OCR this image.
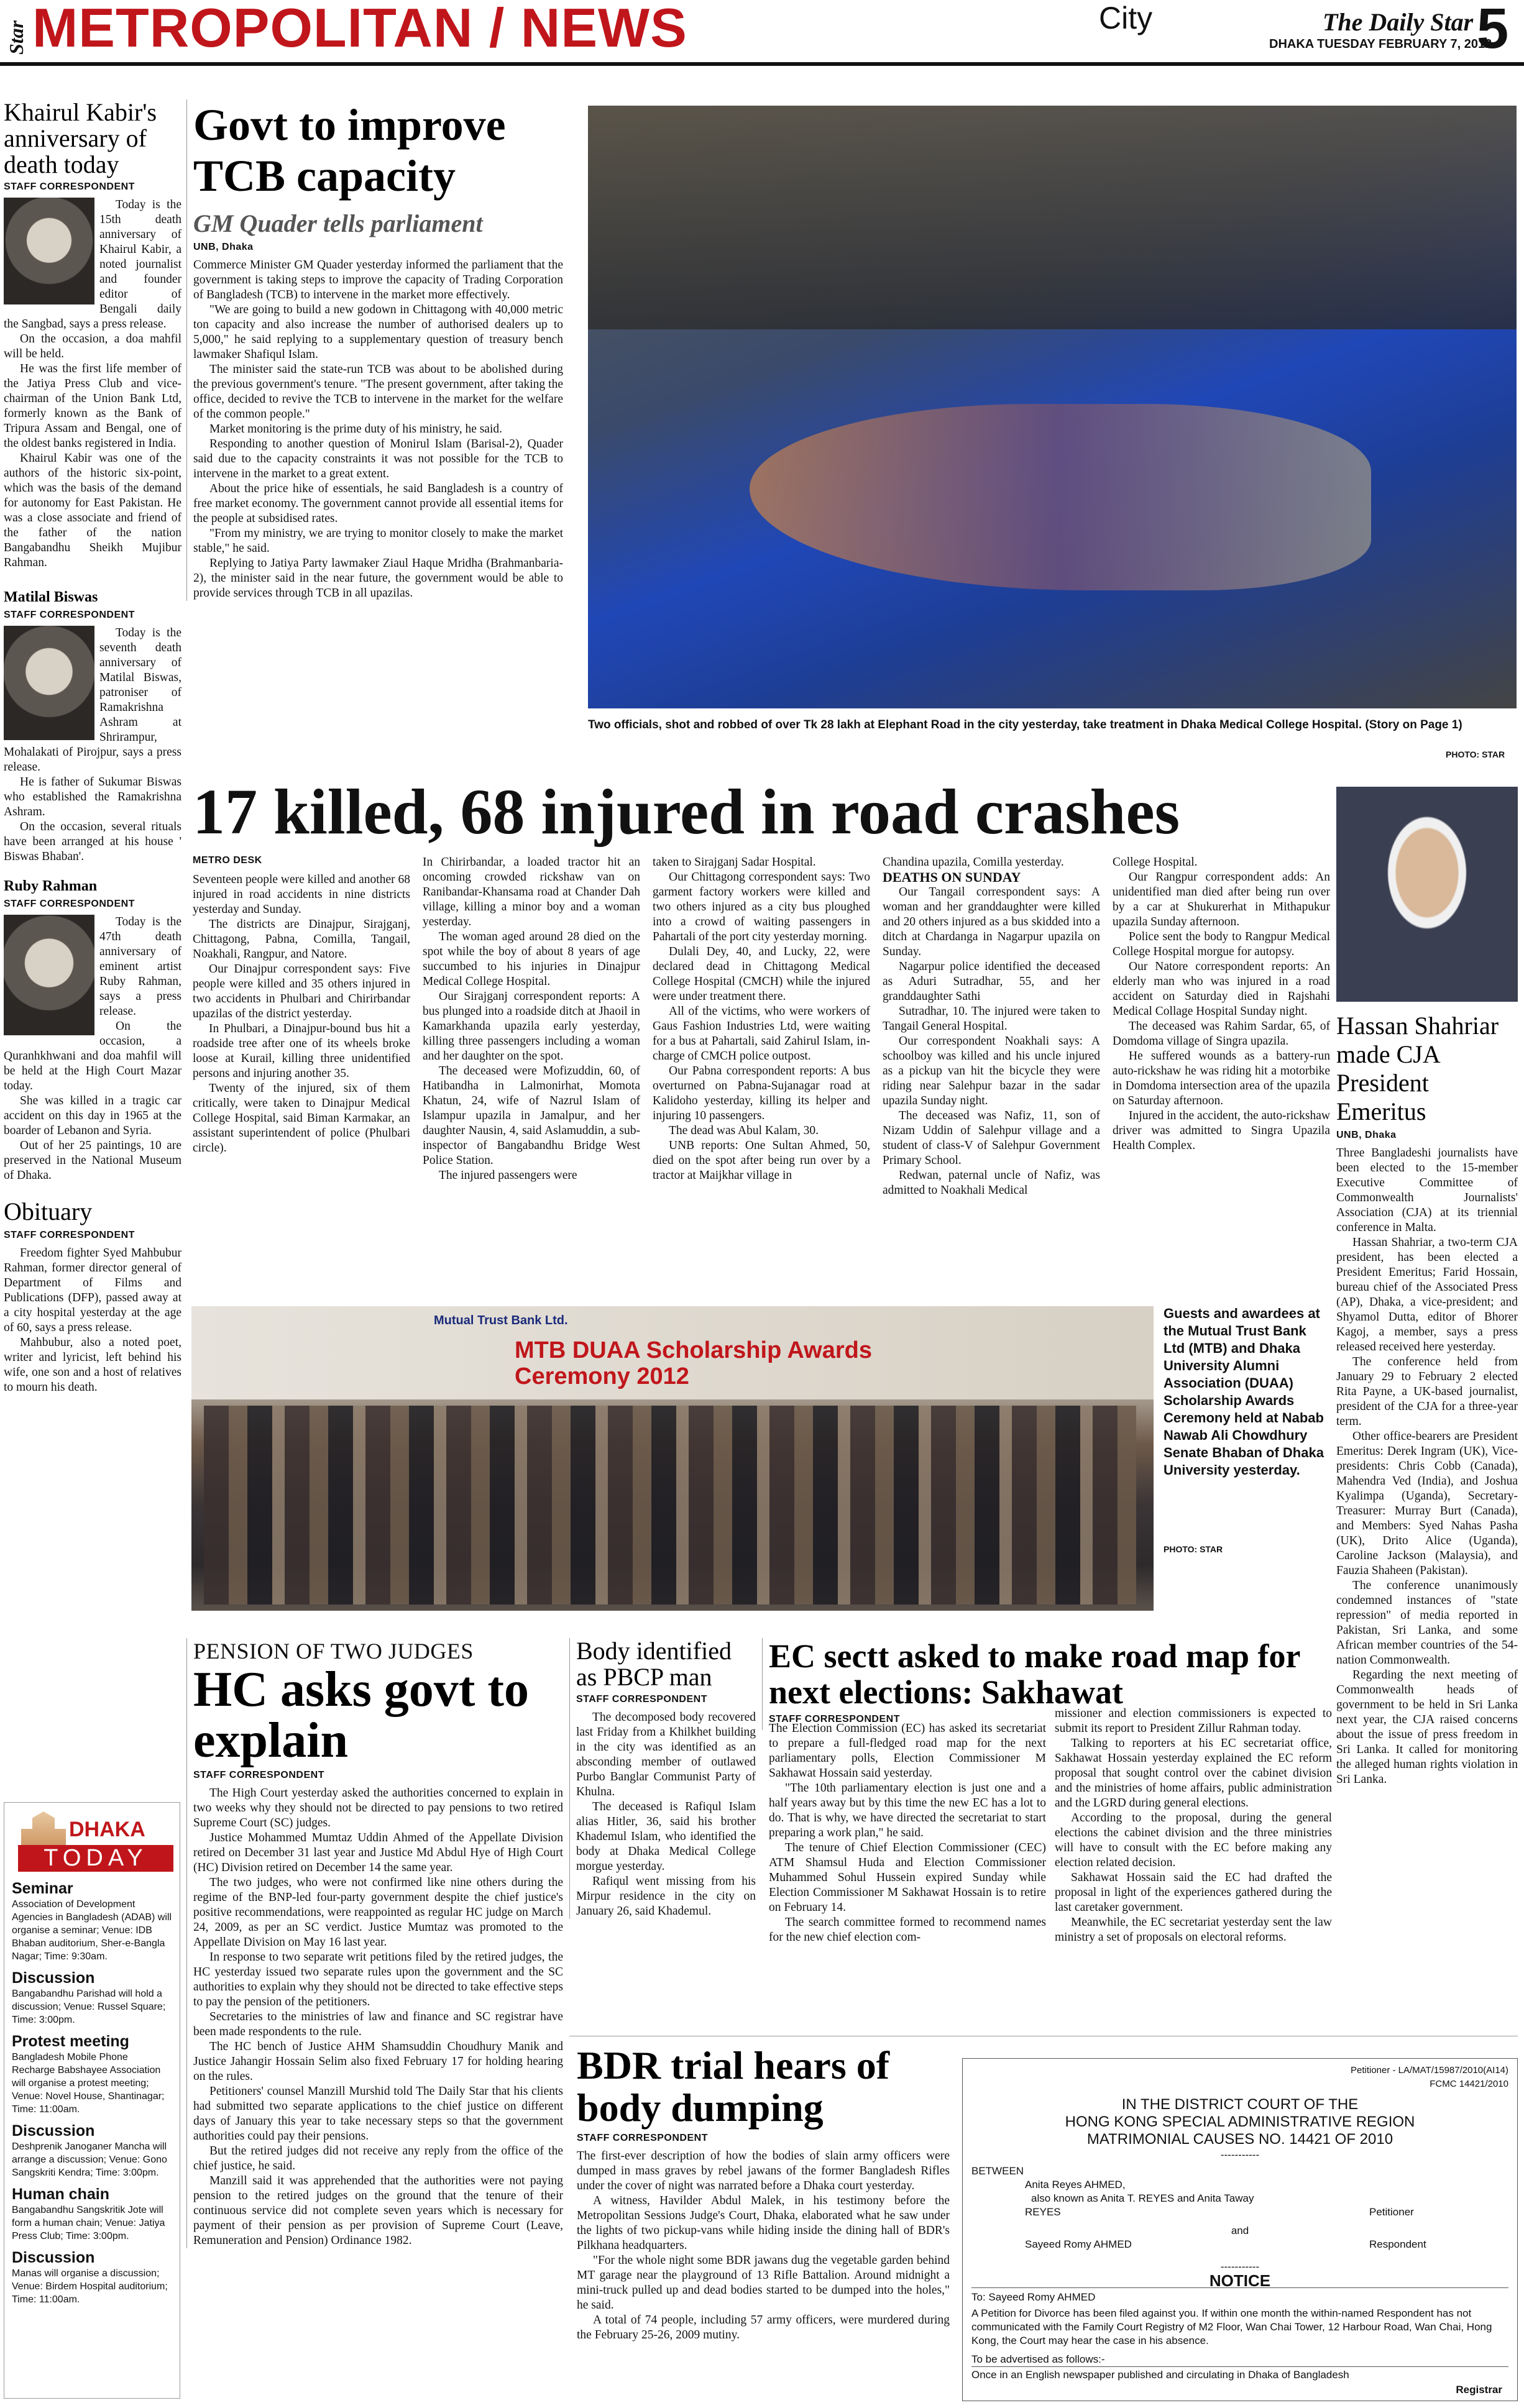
Star METROPOLITAN / NEWS	City	The Daily Star
DHAKA TUESDAY FEBRUARY 7, 2012
5
Khairul Kabir's anniversary of death today
STAFF CORRESPONDENT

Today is the 15th death anniversary of Khairul Kabir, a noted journalist and founder editor of Bengali daily the Sangbad, says a press release.

On the occasion, a doa mahfil will be held.

He was the first life member of the Jatiya Press Club and vice-chairman of the Union Bank Ltd, formerly known as the Bank of Tripura Assam and Bengal, one of the oldest banks registered in India.

Khairul Kabir was one of the authors of the historic six-point, which was the basis of the demand for autonomy for East Pakistan. He was a close associate and friend of the father of the nation Bangabandhu Sheikh Mujibur Rahman.

Matilal Biswas
STAFF CORRESPONDENT

Today is the seventh death anniversary of Matilal Biswas, patroniser of Ramakrishna Ashram at Shrirampur, Mohalakati of Pirojpur, says a press release.

He is father of Sukumar Biswas who established the Ramakrishna Ashram.

On the occasion, several rituals have been arranged at his house ' Biswas Bhaban'.

Ruby Rahman
STAFF CORRESPONDENT

Today is the 47th death anniversary of eminent artist Ruby Rahman, says a press release.

On the occasion, a Quranhkhwani and doa mahfil will be held at the High Court Mazar today.

She was killed in a tragic car accident on this day in 1965 at the boarder of Lebanon and Syria.

Out of her 25 paintings, 10 are preserved in the National Museum of Dhaka.

Obituary
STAFF CORRESPONDENT

Freedom fighter Syed Mahbubur Rahman, former director general of Department of Films and Publications (DFP), passed away at a city hospital yesterday at the age of 60, says a press release.

Mahbubur, also a noted poet, writer and lyricist, left behind his wife, one son and a host of relatives to mourn his death.

DHAKA
TODAY
Seminar
Association of Development Agencies in Bangladesh (ADAB) will organise a seminar; Venue: IDB Bhaban auditorium, Sher-e-Bangla Nagar; Time: 9:30am.
Discussion
Bangabandhu Parishad will hold a discussion; Venue: Russel Square; Time: 3:00pm.
Protest meeting
Bangladesh Mobile Phone Recharge Babshayee Association will organise a protest meeting; Venue: Novel House, Shantinagar; Time: 11:00am.
Discussion
Deshprenik Janoganer Mancha will arrange a discussion; Venue: Gono Sangskriti Kendra; Time: 3:00pm.
Human chain
Bangabandhu Sangskritik Jote will form a human chain; Venue: Jatiya Press Club; Time: 3:00pm.
Discussion
Manas will organise a discussion; Venue: Birdem Hospital auditorium; Time: 11:00am.
Govt to improve TCB capacity
GM Quader tells parliament
UNB, Dhaka

Commerce Minister GM Quader yesterday informed the parliament that the government is taking steps to improve the capacity of Trading Corporation of Bangladesh (TCB) to intervene in the market more effectively.

"We are going to build a new godown in Chittagong with 40,000 metric ton capacity and also increase the number of authorised dealers up to 5,000," he said replying to a supplementary question of treasury bench lawmaker Shafiqul Islam.

The minister said the state-run TCB was about to be abolished during the previous government's tenure. "The present government, after taking the office, decided to revive the TCB to intervene in the market for the welfare of the common people."

Market monitoring is the prime duty of his ministry, he said.

Responding to another question of Monirul Islam (Barisal-2), Quader said due to the capacity constraints it was not possible for the TCB to intervene in the market to a great extent.

About the price hike of essentials, he said Bangladesh is a country of free market economy. The government cannot provide all essential items for the people at subsidised rates.

"From my ministry, we are trying to monitor closely to make the market stable," he said.

Replying to Jatiya Party lawmaker Ziaul Haque Mridha (Brahmanbaria-2), the minister said in the near future, the government would be able to provide services through TCB in all upazilas.

Two officials, shot and robbed of over Tk 28 lakh at Elephant Road in the city yesterday, take treatment in Dhaka Medical College Hospital. (Story on Page 1)
PHOTO: STAR
17 killed, 68 injured in road crashes
METRO DESK

Seventeen people were killed and another 68 injured in road accidents in nine districts yesterday and Sunday.

The districts are Dinajpur, Sirajganj, Chittagong, Pabna, Comilla, Tangail, Noakhali, Rangpur, and Natore.

Our Dinajpur correspondent says: Five people were killed and 35 others injured in two accidents in Phulbari and Chirirbandar upazilas of the district yesterday.

In Phulbari, a Dinajpur-bound bus hit a roadside tree after one of its wheels broke loose at Kurail, killing three unidentified persons and injuring another 35.

Twenty of the injured, six of them critically, were taken to Dinajpur Medical College Hospital, said Biman Karmakar, an assistant superintendent of police (Phulbari circle).

In Chirirbandar, a loaded tractor hit an oncoming crowded rickshaw van on Ranibandar-Khansama road at Chander Dah village, killing a minor boy and a woman yesterday.

The woman aged around 28 died on the spot while the boy of about 8 years of age succumbed to his injuries in Dinajpur Medical College Hospital.

Our Sirajganj correspondent reports: A bus plunged into a roadside ditch at Jhaoil in Kamarkhanda upazila early yesterday, killing three passengers including a woman and her daughter on the spot.

The deceased were Mofizuddin, 60, of Hatibandha in Lalmonirhat, Momota Khatun, 24, wife of Nazrul Islam of Islampur upazila in Jamalpur, and her daughter Nausin, 4, said Aslamuddin, a sub-inspector of Bangabandhu Bridge West Police Station.

The injured passengers were

taken to Sirajganj Sadar Hospital.

Our Chittagong correspondent says: Two garment factory workers were killed and two others injured as a city bus ploughed into a crowd of waiting passengers in Pahartali of the port city yesterday morning.

Dulali Dey, 40, and Lucky, 22, were declared dead in Chittagong Medical College Hospital (CMCH) while the injured were under treatment there.

All of the victims, who were workers of Gaus Fashion Industries Ltd, were waiting for a bus at Pahartali, said Zahirul Islam, in-charge of CMCH police outpost.

Our Pabna correspondent reports: A bus overturned on Pabna-Sujanagar road at Kalidoho yesterday, killing its helper and injuring 10 passengers.

The dead was Abul Kalam, 30.

UNB reports: One Sultan Ahmed, 50, died on the spot after being run over by a tractor at Maijkhar village in

Chandina upazila, Comilla yesterday.

DEATHS ON SUNDAY

Our Tangail correspondent says: A woman and her granddaughter were killed and 20 others injured as a bus skidded into a ditch at Chardanga in Nagarpur upazila on Sunday.

Nagarpur police identified the deceased as Aduri Sutradhar, 55, and her granddaughter Sathi

Sutradhar, 10. The injured were taken to Tangail General Hospital.

Our correspondent Noakhali says: A schoolboy was killed and his uncle injured as a pickup van hit the bicycle they were riding near Salehpur bazar in the sadar upazila Sunday night.

The deceased was Nafiz, 11, son of Nizam Uddin of Salehpur village and a student of class-V of Salehpur Government Primary School.

Redwan, paternal uncle of Nafiz, was admitted to Noakhali Medical

College Hospital.

Our Rangpur correspondent adds: An unidentified man died after being run over by a car at Shukurerhat in Mithapukur upazila Sunday afternoon.

Police sent the body to Rangpur Medical College Hospital morgue for autopsy.

Our Natore correspondent reports: An elderly man who was injured in a road accident on Saturday died in Rajshahi Medical Collage Hospital Sunday night.

The deceased was Rahim Sardar, 65, of Domdoma village of Singra upazila.

He suffered wounds as a battery-run auto-rickshaw he was riding hit a motorbike in Domdoma intersection area of the upazila on Saturday afternoon.

Injured in the accident, the auto-rickshaw driver was admitted to Singra Upazila Health Complex.

Hassan Shahriar made CJA President Emeritus
UNB, Dhaka

Three Bangladeshi journalists have been elected to the 15-member Executive Committee of Commonwealth Journalists' Association (CJA) at its triennial conference in Malta.

Hassan Shahriar, a two-term CJA president, has been elected a President Emeritus; Farid Hossain, bureau chief of the Associated Press (AP), Dhaka, a vice-president; and Shyamol Dutta, editor of Bhorer Kagoj, a member, says a press released received here yesterday.

The conference held from January 29 to February 2 elected Rita Payne, a UK-based journalist, president of the CJA for a three-year term.

Other office-bearers are President Emeritus: Derek Ingram (UK), Vice-presidents: Chris Cobb (Canada), Mahendra Ved (India), and Joshua Kyalimpa (Uganda), Secretary-Treasurer: Murray Burt (Canada), and Members: Syed Nahas Pasha (UK), Drito Alice (Uganda), Caroline Jackson (Malaysia), and Fauzia Shaheen (Pakistan).

The conference unanimously condemned instances of "state repression" of media reported in Pakistan, Sri Lanka, and some African member countries of the 54-nation Commonwealth.

Regarding the next meeting of Commonwealth heads of government to be held in Sri Lanka next year, the CJA raised concerns about the issue of press freedom in Sri Lanka. It called for monitoring the alleged human rights violation in Sri Lanka.

Mutual Trust Bank Ltd.
MTB DUAA Scholarship Awards Ceremony 2012
Guests and awardees at the Mutual Trust Bank Ltd (MTB) and Dhaka University Alumni Association (DUAA) Scholarship Awards Ceremony held at Nabab Nawab Ali Chowdhury Senate Bhaban of Dhaka University yesterday.
PHOTO: STAR
PENSION OF TWO JUDGES
HC asks govt to explain
STAFF CORRESPONDENT

The High Court yesterday asked the authorities concerned to explain in two weeks why they should not be directed to pay pensions to two retired Supreme Court (SC) judges.

Justice Mohammed Mumtaz Uddin Ahmed of the Appellate Division retired on December 31 last year and Justice Md Abdul Hye of High Court (HC) Division retired on December 14 the same year.

The two judges, who were not confirmed like nine others during the regime of the BNP-led four-party government despite the chief justice's positive recommendations, were reappointed as regular HC judge on March 24, 2009, as per an SC verdict. Justice Mumtaz was promoted to the Appellate Division on May 16 last year.

In response to two separate writ petitions filed by the retired judges, the HC yesterday issued two separate rules upon the government and the SC authorities to explain why they should not be directed to take effective steps to pay the pension of the petitioners.

Secretaries to the ministries of law and finance and SC registrar have been made respondents to the rule.

The HC bench of Justice AHM Shamsuddin Choudhury Manik and Justice Jahangir Hossain Selim also fixed February 17 for holding hearing on the rules.

Petitioners' counsel Manzill Murshid told The Daily Star that his clients had submitted two separate applications to the chief justice on different days of January this year to take necessary steps so that the government authorities could pay their pensions.

But the retired judges did not receive any reply from the office of the chief justice, he said.

Manzill said it was apprehended that the authorities were not paying pension to the retired judges on the ground that the tenure of their continuous service did not complete seven years which is necessary for payment of their pension as per provision of Supreme Court (Leave, Remuneration and Pension) Ordinance 1982.

Body identified as PBCP man
STAFF CORRESPONDENT

The decomposed body recovered last Friday from a Khilkhet building in the city was identified as an absconding member of outlawed Purbo Banglar Communist Party of Khulna.

The deceased is Rafiqul Islam alias Hitler, 36, said his brother Khademul Islam, who identified the body at Dhaka Medical College morgue yesterday.

Rafiqul went missing from his Mirpur residence in the city on January 26, said Khademul.

EC sectt asked to make road map for next elections: Sakhawat
STAFF CORRESPONDENT

The Election Commission (EC) has asked its secretariat to prepare a full-fledged road map for the next parliamentary polls, Election Commissioner M Sakhawat Hossain said yesterday.

"The 10th parliamentary election is just one and a half years away but by this time the new EC has a lot to do. That is why, we have directed the secretariat to start preparing a work plan," he said.

The tenure of Chief Election Commissioner (CEC) ATM Shamsul Huda and Election Commissioner Muhammed Sohul Hussein expired Sunday while Election Commissioner M Sakhawat Hossain is to retire on February 14.

The search committee formed to recommend names for the new chief election com-

missioner and election commissioners is expected to submit its report to President Zillur Rahman today.

Talking to reporters at his EC secretariat office, Sakhawat Hossain yesterday explained the EC reform proposal that sought control over the cabinet division and the ministries of home affairs, public administration and the LGRD during general elections.

According to the proposal, during the general elections the cabinet division and the three ministries will have to consult with the EC before making any election related decision.

Sakhawat Hossain said the EC had drafted the proposal in light of the experiences gathered during the last caretaker government.

Meanwhile, the EC secretariat yesterday sent the law ministry a set of proposals on electoral reforms.

BDR trial hears of body dumping
STAFF CORRESPONDENT

The first-ever description of how the bodies of slain army officers were dumped in mass graves by rebel jawans of the former Bangladesh Rifles under the cover of night was narrated before a Dhaka court yesterday.

A witness, Havilder Abdul Malek, in his testimony before the Metropolitan Sessions Judge's Court, Dhaka, elaborated what he saw under the lights of two pickup-vans while hiding inside the dining hall of BDR's Pilkhana headquarters.

"For the whole night some BDR jawans dug the vegetable garden behind MT garage near the playground of 13 Rifle Battalion. Around midnight a mini-truck pulled up and dead bodies started to be dumped into the holes," he said.

A total of 74 people, including 57 army officers, were murdered during the February 25-26, 2009 mutiny.

Petitioner - LA/MAT/15987/2010(AI14)
FCMC 14421/2010
IN THE DISTRICT COURT OF THE
HONG KONG SPECIAL ADMINISTRATIVE REGION
MATRIMONIAL CAUSES NO. 14421 OF 2010
-----------
BETWEEN
Anita Reyes AHMED,
also known as Anita T. REYES and Anita Taway
REYES	Petitioner
and
Sayeed Romy AHMED	Respondent
-----------
NOTICE
To: Sayeed Romy AHMED
A Petition for Divorce has been filed against you. If within one month the within-named Respondent has not communicated with the Family Court Registry of M2 Floor, Wan Chai Tower, 12 Harbour Road, Wan Chai, Hong Kong, the Court may hear the case in his absence.
To be advertised as follows:-
Once in an English newspaper published and circulating in Dhaka of Bangladesh
Registrar
